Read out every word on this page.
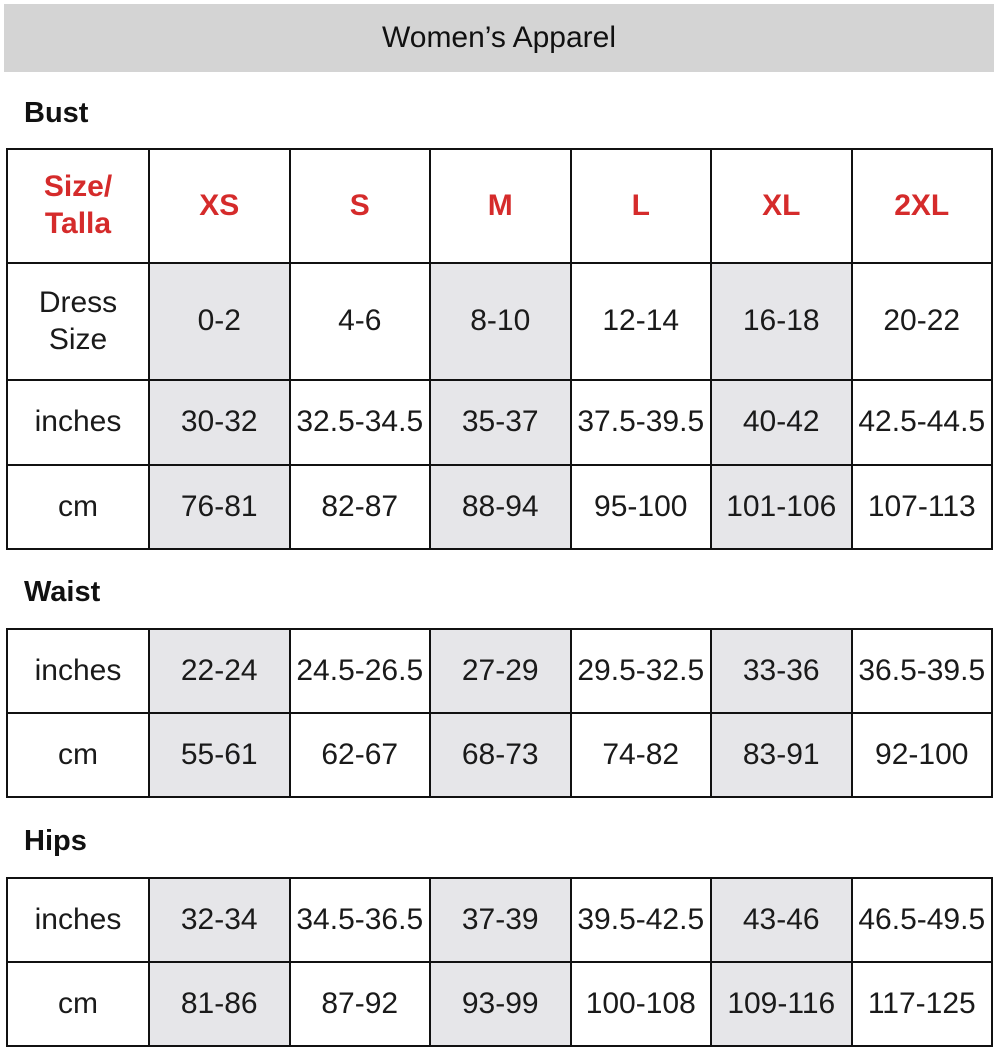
Women’s Apparel
Bust
Size/
Talla	XS	S	M	L	XL	2XL
Dress
Size	0-2	4-6	8-10	12-14	16-18	20-22
inches	30-32	32.5-34.5	35-37	37.5-39.5	40-42	42.5-44.5
cm	76-81	82-87	88-94	95-100	101-106	107-113
Waist
inches	22-24	24.5-26.5	27-29	29.5-32.5	33-36	36.5-39.5
cm	55-61	62-67	68-73	74-82	83-91	92-100
Hips
inches	32-34	34.5-36.5	37-39	39.5-42.5	43-46	46.5-49.5
cm	81-86	87-92	93-99	100-108	109-116	117-125
